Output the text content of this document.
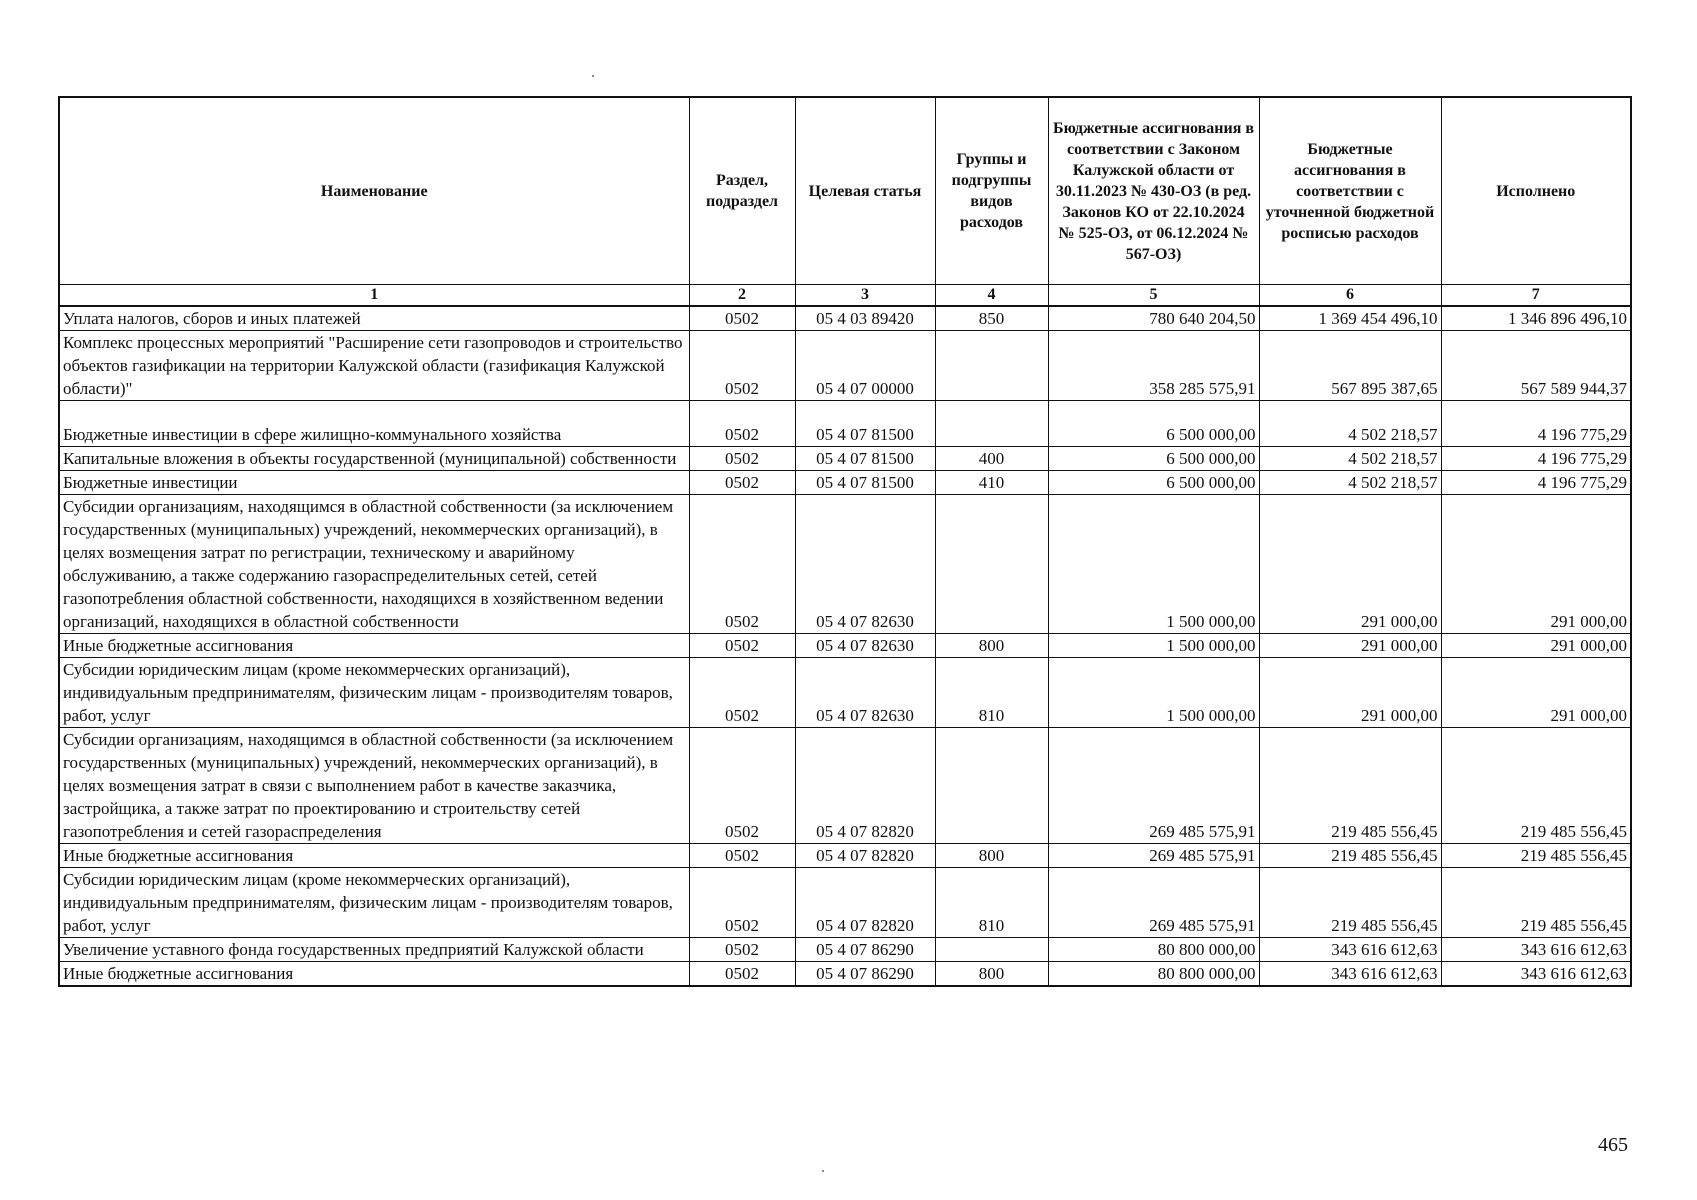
Наименование	Раздел, подраздел	Целевая статья	Группы и подгруппы видов расходов	Бюджетные ассигнования в соответствии с Законом Калужской области от 30.11.2023 № 430-ОЗ (в ред. Законов КО от 22.10.2024 № 525-ОЗ, от 06.12.2024 № 567-ОЗ)	Бюджетные ассигнования в соответствии с уточненной бюджетной росписью расходов	Исполнено
1	2	3	4	5	6	7
Уплата налогов, сборов и иных платежей	0502	05 4 03 89420	850	780 640 204,50	1 369 454 496,10	1 346 896 496,10
Комплекс процессных мероприятий "Расширение сети газопроводов и строительство объектов газификации на территории Калужской области (газификация Калужской области)"	0502	05 4 07 00000		358 285 575,91	567 895 387,65	567 589 944,37
Бюджетные инвестиции в сфере жилищно-коммунального хозяйства	0502	05 4 07 81500		6 500 000,00	4 502 218,57	4 196 775,29
Капитальные вложения в объекты государственной (муниципальной) собственности	0502	05 4 07 81500	400	6 500 000,00	4 502 218,57	4 196 775,29
Бюджетные инвестиции	0502	05 4 07 81500	410	6 500 000,00	4 502 218,57	4 196 775,29
Субсидии организациям, находящимся в областной собственности (за исключением государственных (муниципальных) учреждений, некоммерческих организаций), в целях возмещения затрат по регистрации, техническому и аварийному обслуживанию, а также содержанию газораспределительных сетей, сетей газопотребления областной собственности, находящихся в хозяйственном ведении организаций, находящихся в областной собственности	0502	05 4 07 82630		1 500 000,00	291 000,00	291 000,00
Иные бюджетные ассигнования	0502	05 4 07 82630	800	1 500 000,00	291 000,00	291 000,00
Субсидии юридическим лицам (кроме некоммерческих организаций), индивидуальным предпринимателям, физическим лицам - производителям товаров, работ, услуг	0502	05 4 07 82630	810	1 500 000,00	291 000,00	291 000,00
Субсидии организациям, находящимся в областной собственности (за исключением государственных (муниципальных) учреждений, некоммерческих организаций), в целях возмещения затрат в связи с выполнением работ в качестве заказчика, застройщика, а также затрат по проектированию и строительству сетей газопотребления и сетей газораспределения	0502	05 4 07 82820		269 485 575,91	219 485 556,45	219 485 556,45
Иные бюджетные ассигнования	0502	05 4 07 82820	800	269 485 575,91	219 485 556,45	219 485 556,45
Субсидии юридическим лицам (кроме некоммерческих организаций), индивидуальным предпринимателям, физическим лицам - производителям товаров, работ, услуг	0502	05 4 07 82820	810	269 485 575,91	219 485 556,45	219 485 556,45
Увеличение уставного фонда государственных предприятий Калужской области	0502	05 4 07 86290		80 800 000,00	343 616 612,63	343 616 612,63
Иные бюджетные ассигнования	0502	05 4 07 86290	800	80 800 000,00	343 616 612,63	343 616 612,63
465
